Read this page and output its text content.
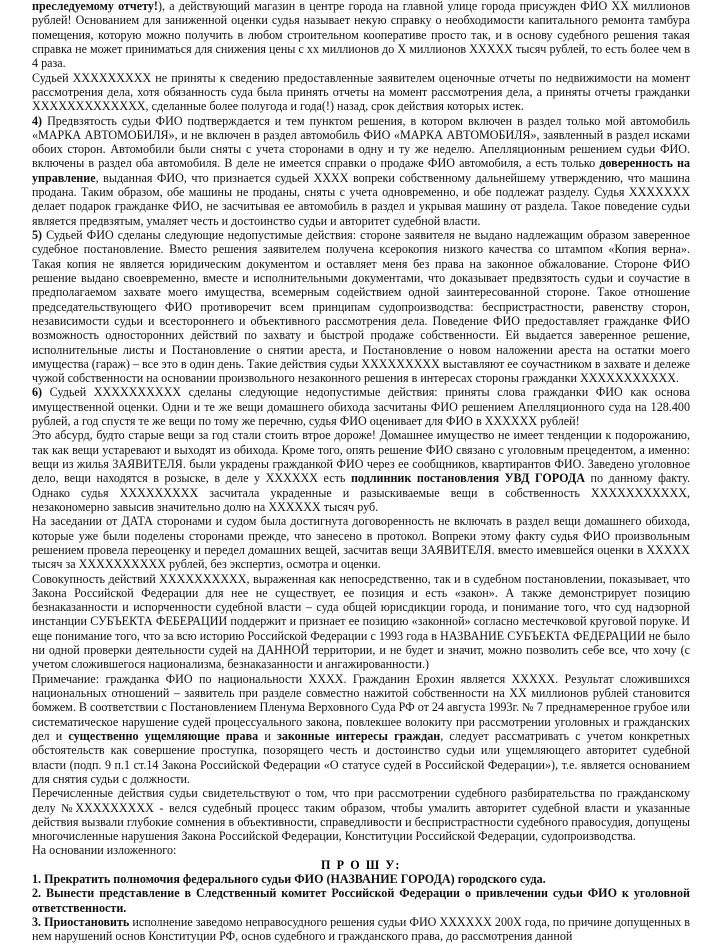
преследуемому отчету!), а действующий магазин в центре города на главной улице города присужден ФИО XX миллионов рублей! Основанием для заниженной оценки судья называет некую справку о необходимости капитального ремонта тамбура помещения, которую можно получить в любом строительном кооперативе просто так, и в основу судебного решения такая справка не может приниматься для снижения цены с хх миллионов до X миллионов XXXXX тысяч рублей, то есть более чем в 4 раза.

Судьей XXXXXXXXX не приняты к сведению предоставленные заявителем оценочные отчеты по недвижимости на момент рассмотрения дела, хотя обязанность суда была принять отчеты на момент рассмотрения дела, а приняты отчеты гражданки XXXXXXXXXXXXX, сделанные более полугода и года(!) назад, срок действия которых истек.

4) Предвзятость судьи ФИО подтверждается и тем пунктом решения, в котором включен в раздел только мой автомобиль «МАРКА АВТОМОБИЛЯ», и не включен в раздел автомобиль ФИО «МАРКА АВТОМОБИЛЯ», заявленный в раздел исками обоих сторон. Автомобили были сняты с учета сторонами в одну и ту же неделю. Апелляционным решением судьи ФИО. включены в раздел оба автомобиля. В деле не имеется справки о продаже ФИО автомобиля, а есть только доверенность на управление, выданная ФИО, что признается судьей XXXX вопреки собственному дальнейшему утверждению, что машина продана. Таким образом, обе машины не проданы, сняты с учета одновременно, и обе подлежат разделу. Судья XXXXXXX делает подарок гражданке ФИО, не засчитывая ее автомобиль в раздел и укрывая машину от раздела. Такое поведение судьи является предвзятым, умаляет честь и достоинство судьи и авторитет судебной власти.

5) Судьей ФИО сделаны следующие недопустимые действия: стороне заявителя не выдано надлежащим образом заверенное судебное постановление. Вместо решения заявителем получена ксерокопия низкого качества со штампом «Копия верна». Такая копия не является юридическим документом и оставляет меня без права на законное обжалование. Стороне ФИО решение выдано своевременно, вместе и исполнительными документами, что доказывает предвзятость судьи и соучастие в предполагаемом захвате моего имущества, всемерным содействием одной заинтересованной стороне. Такое отношение председательствующего ФИО противоречит всем принципам судопроизводства: беспристрастности, равенству сторон, независимости судьи и всестороннего и объективного рассмотрения дела. Поведение ФИО предоставляет гражданке ФИО возможность односторонних действий по захвату и быстрой продаже собственности. Ей выдается заверенное решение, исполнительные листы и Постановление о снятии ареста, и Постановление о новом наложении ареста на остатки моего имущества (гараж) – все это в один день. Такие действия судьи XXXXXXXXX выставляют ее соучастником в захвате и дележе чужой собственности на основании произвольного незаконного решения в интересах стороны гражданки XXXXXXXXXXX.

6) Судьей XXXXXXXXXX сделаны следующие недопустимые действия: приняты слова гражданки ФИО как основа имущественной оценки. Одни и те же вещи домашнего обихода засчитаны ФИО решением Апелляционного суда на 128.400 рублей, а год спустя те же вещи по тому же перечню, судья ФИО оценивает для ФИО в XXXXXX рублей!

Это абсурд, будто старые вещи за год стали стоить втрое дороже! Домашнее имущество не имеет тенденции к подорожанию, так как вещи устаревают и выходят из обихода. Кроме того, опять решение ФИО связано с уголовным прецедентом, а именно: вещи из жилья ЗАЯВИТЕЛЯ. были украдены гражданкой ФИО через ее сообщников, квартирантов ФИО. Заведено уголовное дело, вещи находятся в розыске, в деле у XXXXXX есть подлинник постановления УВД ГОРОДА по данному факту. Однако судья XXXXXXXXX засчитала украденные и разыскиваемые вещи в собственность XXXXXXXXXXX, незакономерно завысив значительно долю на XXXXXX тысяч руб.

На заседании от ДАТА сторонами и судом была достигнута договоренность не включать в раздел вещи домашнего обихода, которые уже были поделены сторонами прежде, что занесено в протокол. Вопреки этому факту судья ФИО произвольным решением провела переоценку и передел домашних вещей, засчитав вещи ЗАЯВИТЕЛЯ. вместо имевшейся оценки в XXXXX тысяч за XXXXXXXXXX рублей, без экспертиз, осмотра и оценки.

Совокупность действий XXXXXXXXXX, выраженная как непосредственно, так и в судебном постановлении, показывает, что Закона Российской Федерации для нее не существует, ее позиция и есть «закон». А также демонстрирует позицию безнаказанности и испорченности судебной власти – суда общей юрисдикции города, и понимание того, что суд надзорной инстанции СУБЪЕКТА ФЕБЕРАЦИИ поддержит и признает ее позицию «законной» согласно местечковой круговой поруке. И еще понимание того, что за всю историю Российской Федерации с 1993 года в НАЗВАНИЕ СУБЪЕКТА ФЕДЕРАЦИИ не было ни одной проверки деятельности судей на ДАННОЙ территории, и не будет и значит, можно позволить себе все, что хочу (с учетом сложившегося национализма, безнаказанности и ангажированности.)

Примечание: гражданка ФИО по национальности XXXX. Гражданин Ерохин является XXXXX. Результат сложившихся национальных отношений – заявитель при разделе совместно нажитой собственности на XX миллионов рублей становится бомжем. В соответствии с Постановлением Пленума Верховного Суда РФ от 24 августа 1993г. № 7 преднамеренное грубое или систематическое нарушение судей процессуального закона, повлекшее волокиту при рассмотрении уголовных и гражданских дел и существенно ущемляющие права и законные интересы граждан, следует рассматривать с учетом конкретных обстоятельств как совершение проступка, позорящего честь и достоинство судьи или ущемляющего авторитет судебной власти (подп. 9 п.1 ст.14 Закона Российской Федерации «О статусе судей в Российской Федерации»), т.е. является основанием для снятия судьи с должности.

Перечисленные действия судьи свидетельствуют о том, что при рассмотрении судебного разбирательства по гражданскому делу №XXXXXXXXX - велся судебный процесс таким образом, чтобы умалить авторитет судебной власти и указанные действия вызвали глубокие сомнения в объективности, справедливости и беспристрастности судебного правосудия, допущены многочисленные нарушения Закона Российской Федерации, Конституции Российской Федерации, судопроизводства.

На основании изложенного:

П Р О Ш У:

1. Прекратить полномочия федерального судьи ФИО (НАЗВАНИЕ ГОРОДА) городского суда.

2. Вынести представление в Следственный комитет Российской Федерации о привлечении судьи ФИО к уголовной ответственности.

3. Приостановить исполнение заведомо неправосудного решения судьи ФИО XXXXXX 200X года, по причине допущенных в нем нарушений основ Конституции РФ, основ судебного и гражданского права, до рассмотрения данной
